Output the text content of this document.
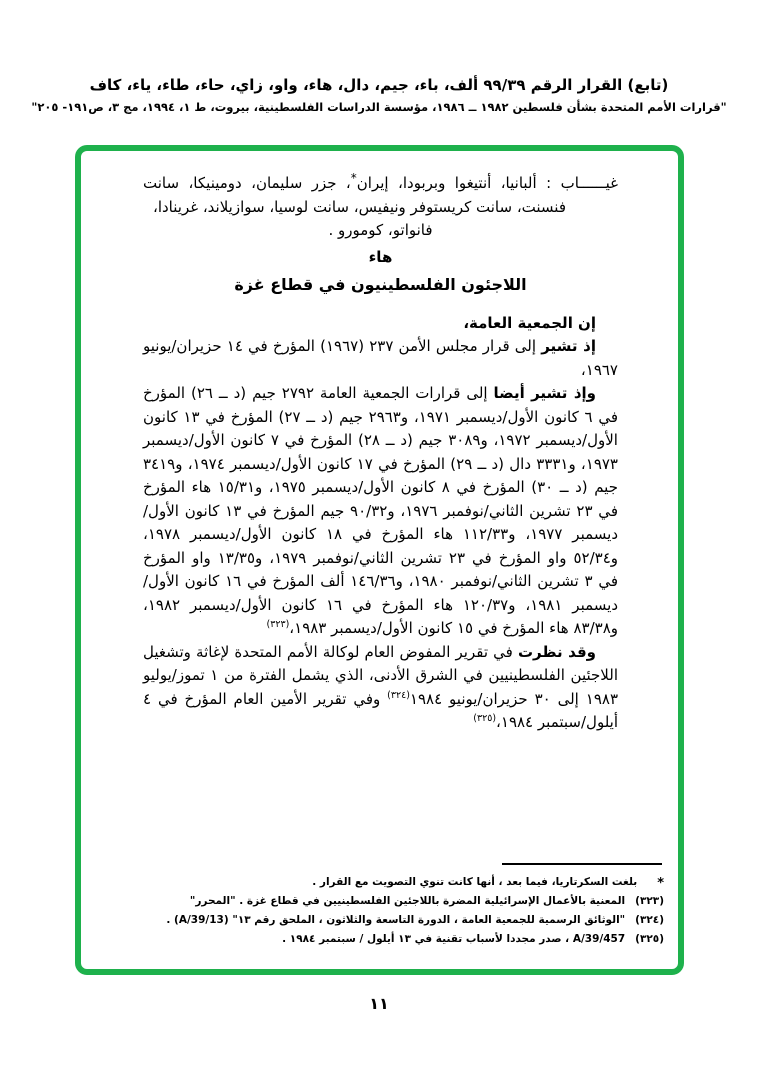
(تابع) القرار الرقم ٩٩/٣٩ ألف، باء، جيم، دال، هاء، واو، زاي، حاء، طاء، ياء، كاف
"قرارات الأمم المتحدة بشأن فلسطين ١٩٨٢ ــ ١٩٨٦، مؤسسة الدراسات الفلسطينية، بيروت، ط ١، ١٩٩٤، مج ٣، ص١٩١- ٢٠٥"

غيــــــاب : ألبانيا، أنتيغوا وبربودا، إيران*، جزر سليمان، دومينيكا، سانت فنسنت، سانت كريستوفر ونيفيس، سانت لوسيا، سوازيلاند، غرينادا،

فانواتو، كومورو .
هاء
اللاجئون الفلسطينيون في قطاع غزة

إن الجمعية العامة،

إذ تشير إلى قرار مجلس الأمن ٢٣٧ (١٩٦٧) المؤرخ في ١٤ حزيران/يونيو ١٩٦٧،

وإذ تشير أيضا إلى قرارات الجمعية العامة ٢٧٩٢ جيم (د ــ ٢٦) المؤرخ في ٦ كانون الأول/ديسمبر ١٩٧١، و٢٩٦٣ جيم (د ــ ٢٧) المؤرخ في ١٣ كانون الأول/ديسمبر ١٩٧٢، و٣٠٨٩ جيم (د ــ ٢٨) المؤرخ في ٧ كانون الأول/ديسمبر ١٩٧٣، و٣٣٣١ دال (د ــ ٢٩) المؤرخ في ١٧ كانون الأول/ديسمبر ١٩٧٤، و٣٤١٩ جيم (د ــ ٣٠) المؤرخ في ٨ كانون الأول/ديسمبر ١٩٧٥، و١٥/٣١ هاء المؤرخ في ٢٣ تشرين الثاني/نوفمبر ١٩٧٦، و٩٠/٣٢ جيم المؤرخ في ١٣ كانون الأول/ديسمبر ١٩٧٧، و١١٢/٣٣ هاء المؤرخ في ١٨ كانون الأول/ديسمبر ١٩٧٨، و٥٢/٣٤ واو المؤرخ في ٢٣ تشرين الثاني/نوفمبر ١٩٧٩، و١٣/٣٥ واو المؤرخ في ٣ تشرين الثاني/نوفمبر ١٩٨٠، و١٤٦/٣٦ ألف المؤرخ في ١٦ كانون الأول/ديسمبر ١٩٨١، و١٢٠/٣٧ هاء المؤرخ في ١٦ كانون الأول/ديسمبر ١٩٨٢، و٨٣/٣٨ هاء المؤرخ في ١٥ كانون الأول/ديسمبر ١٩٨٣،$^{(٣٢٣)}$

وقد نظرت في تقرير المفوض العام لوكالة الأمم المتحدة لإغاثة وتشغيل اللاجئين الفلسطينيين في الشرق الأدنى، الذي يشمل الفترة من ١ تموز/يوليو ١٩٨٣ إلى ٣٠ حزيران/يونيو ١٩٨٤$^{(٣٢٤)}$ وفي تقرير الأمين العام المؤرخ في ٤ أيلول/سبتمبر ١٩٨٤،$^{(٣٢٥)}$

*بلغت السكرتاريا، فيما بعد ، أنها كانت تنوي التصويت مع القرار .

(٣٢٣)المعنية بالأعمال الإسرائيلية المضرة باللاجئين الفلسطينيين في قطاع غزة . "المحرر"

(٣٢٤)"الوثائق الرسمية للجمعية العامة ، الدورة التاسعة والثلاثون ، الملحق رقم ١٣" (A/39/13) .

(٣٢٥)A/39/457 ، صدر مجددا لأسباب تقنية في ١٣ أيلول / سبتمبر ١٩٨٤ .

١١
